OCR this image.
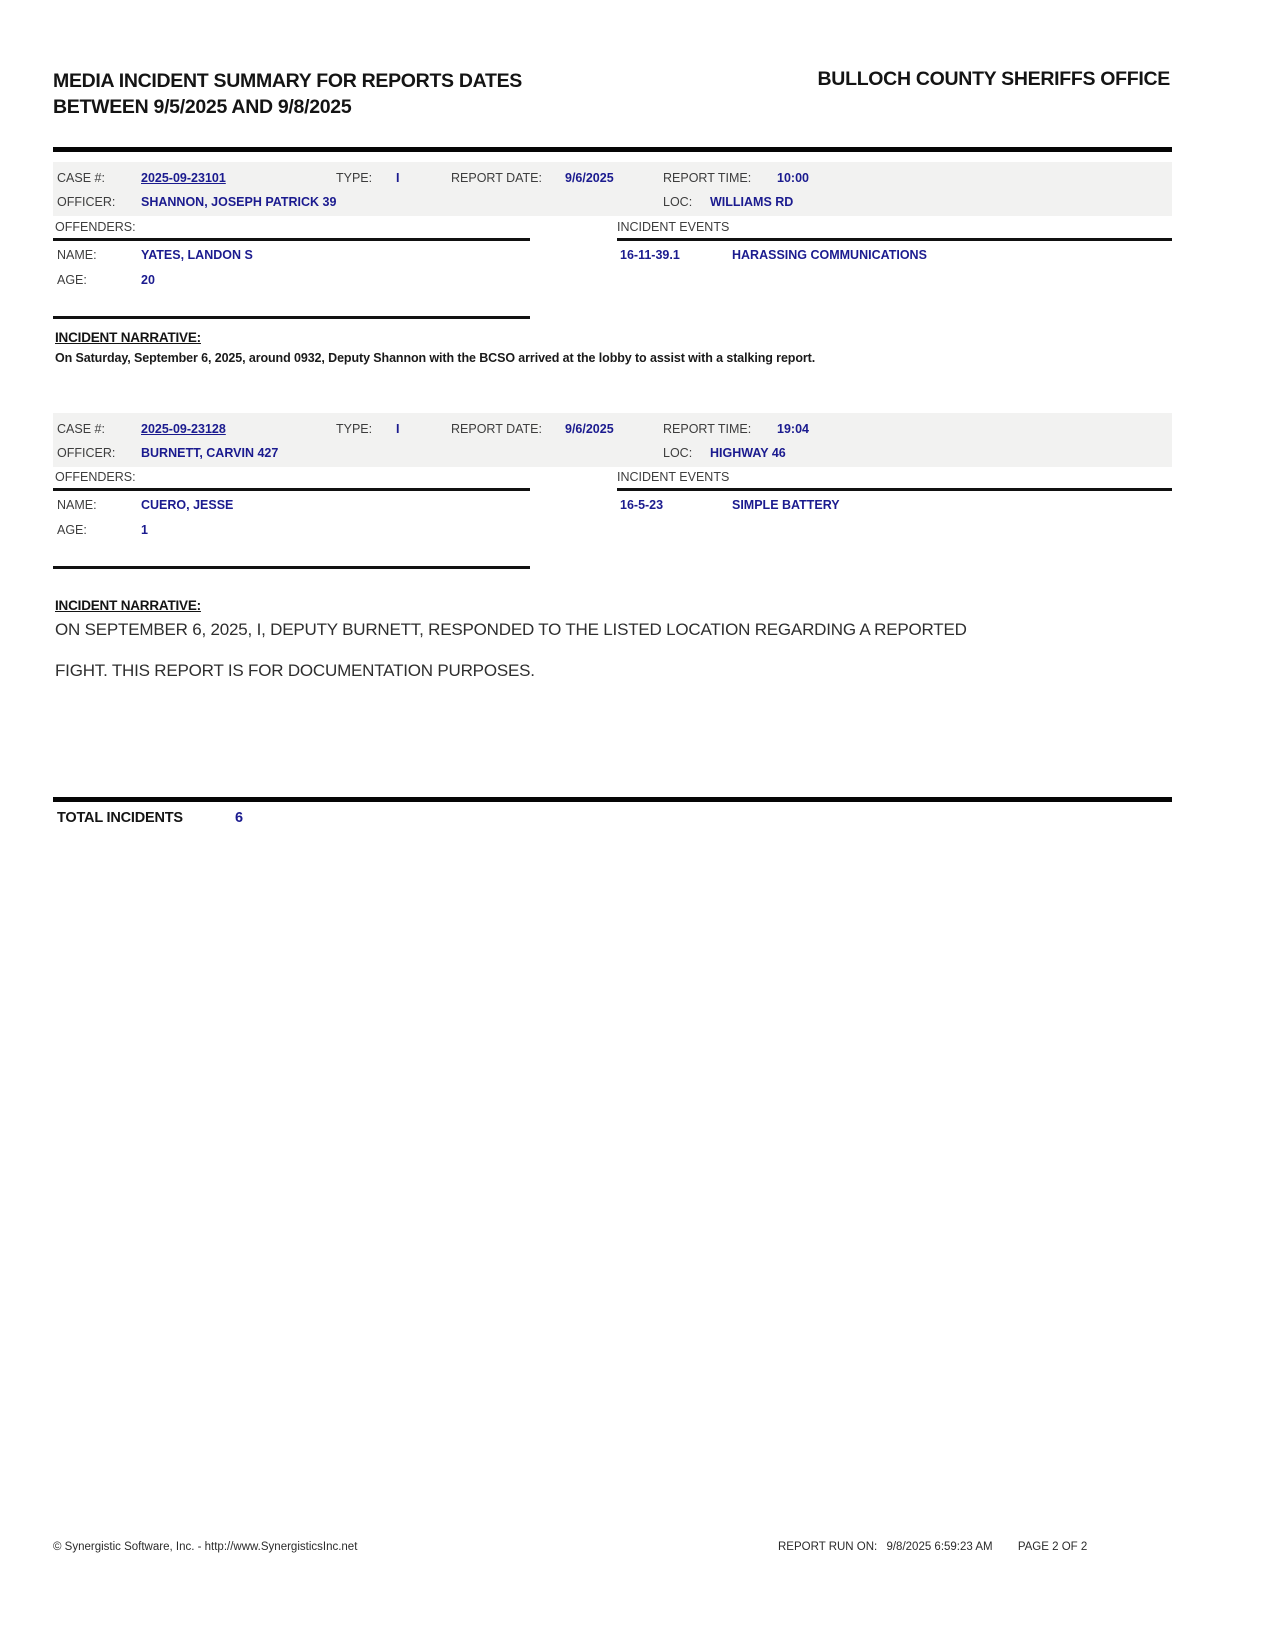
MEDIA INCIDENT SUMMARY FOR REPORTS DATES
BETWEEN 9/5/2025 AND 9/8/2025
BULLOCH COUNTY SHERIFFS OFFICE
CASE #:	2025-09-23101	TYPE: I	REPORT DATE: 9/6/2025	REPORT TIME: 10:00
OFFICER: SHANNON, JOSEPH PATRICK 39	LOC: WILLIAMS RD
OFFENDERS:	INCIDENT EVENTS
NAME:	YATES, LANDON S
AGE:	20
16-11-39.1	HARASSING COMMUNICATIONS
INCIDENT NARRATIVE:
On Saturday, September 6, 2025, around 0932, Deputy Shannon with the BCSO arrived at the lobby to assist with a stalking report.
CASE #:	2025-09-23128	TYPE: I	REPORT DATE: 9/6/2025	REPORT TIME: 19:04
OFFICER: BURNETT, CARVIN 427	LOC: HIGHWAY 46
OFFENDERS:	INCIDENT EVENTS
NAME:	CUERO, JESSE
AGE:	1
16-5-23	SIMPLE BATTERY
INCIDENT NARRATIVE:
ON SEPTEMBER 6, 2025, I, DEPUTY BURNETT, RESPONDED TO THE LISTED LOCATION REGARDING A REPORTED
FIGHT. THIS REPORT IS FOR DOCUMENTATION PURPOSES.
TOTAL INCIDENTS	6
© Synergistic Software, Inc. - http://www.SynergisticsInc.net	REPORT RUN ON: 9/8/2025 6:59:23 AM PAGE 2 OF 2
